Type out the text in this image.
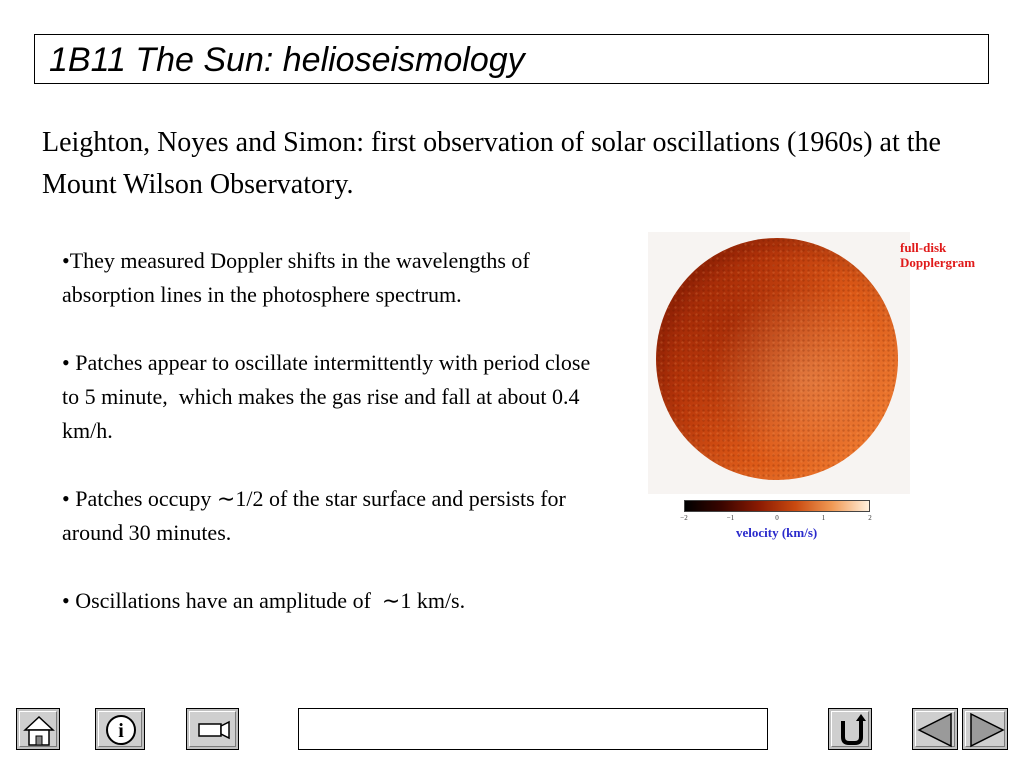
1B11 The Sun: helioseismology
Leighton, Noyes and Simon: first observation of solar oscillations (1960s) at the Mount Wilson Observatory.
•They measured Doppler shifts in the wavelengths of absorption lines in the photosphere spectrum.
• Patches appear to oscillate intermittently with period close to 5 minute,  which makes the gas rise and fall at about 0.4 km/h.
• Patches occupy ∼1/2 of the star surface and persists for around 30 minutes.
• Oscillations have an amplitude of  ∼1 km/s.
full-disk
Dopplergram
−2	−1	0	1	2
velocity (km/s)
i
